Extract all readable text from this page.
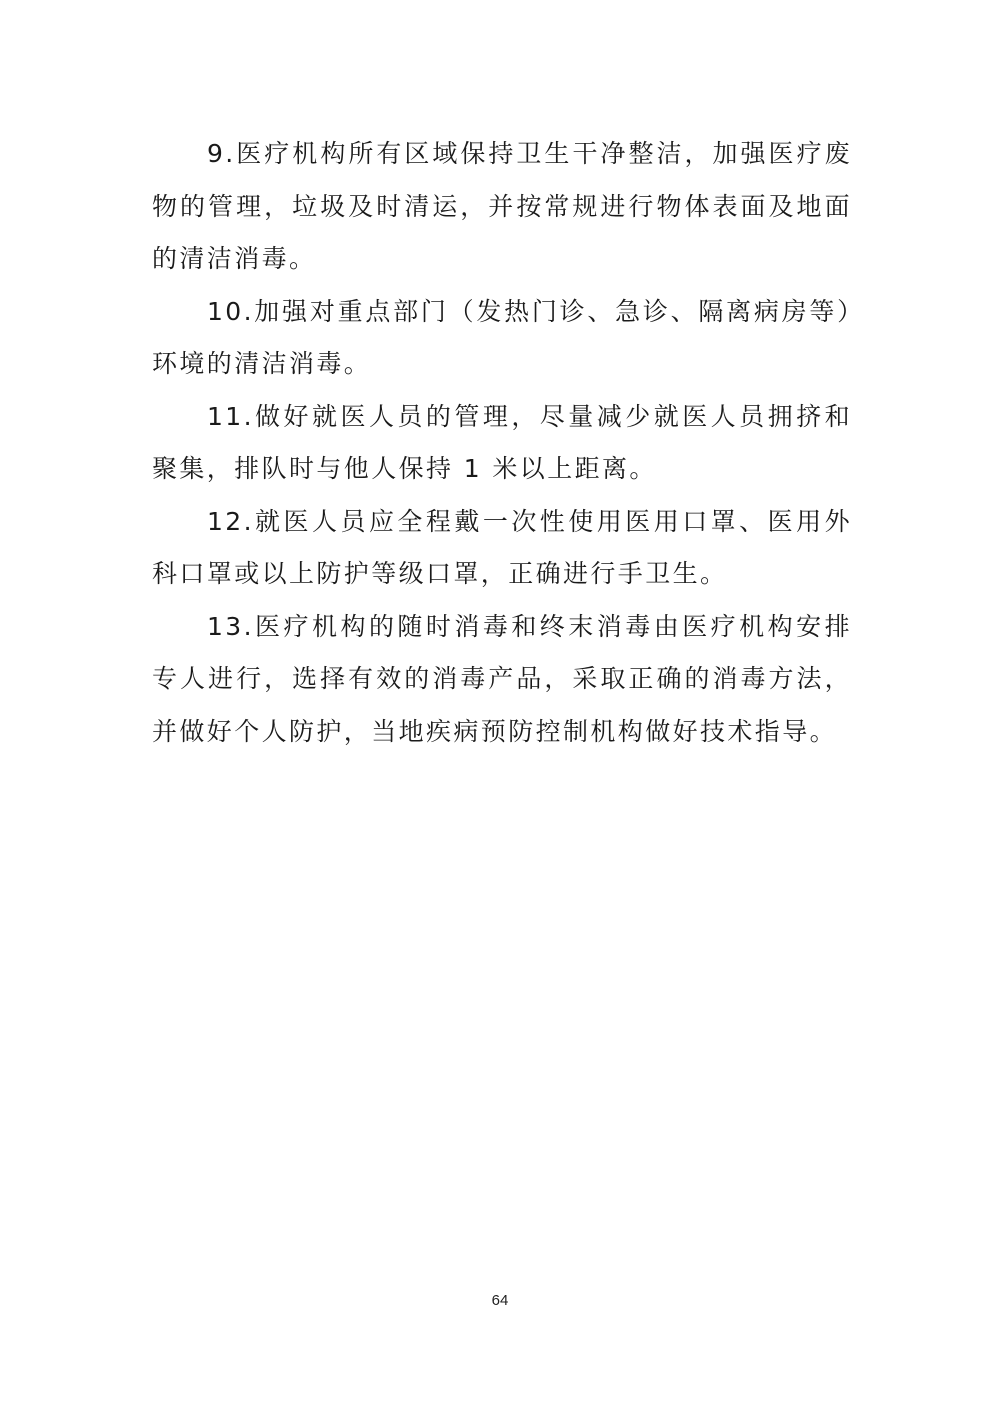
9.医疗机构所有区域保持卫生干净整洁，加强医疗废物的管理，垃圾及时清运，并按常规进行物体表面及地面的清洁消毒。

10.加强对重点部门（发热门诊、急诊、隔离病房等）环境的清洁消毒。

11.做好就医人员的管理，尽量减少就医人员拥挤和聚集，排队时与他人保持 1 米以上距离。

12.就医人员应全程戴一次性使用医用口罩、医用外科口罩或以上防护等级口罩，正确进行手卫生。

13.医疗机构的随时消毒和终末消毒由医疗机构安排专人进行，选择有效的消毒产品，采取正确的消毒方法，并做好个人防护，当地疾病预防控制机构做好技术指导。

64
